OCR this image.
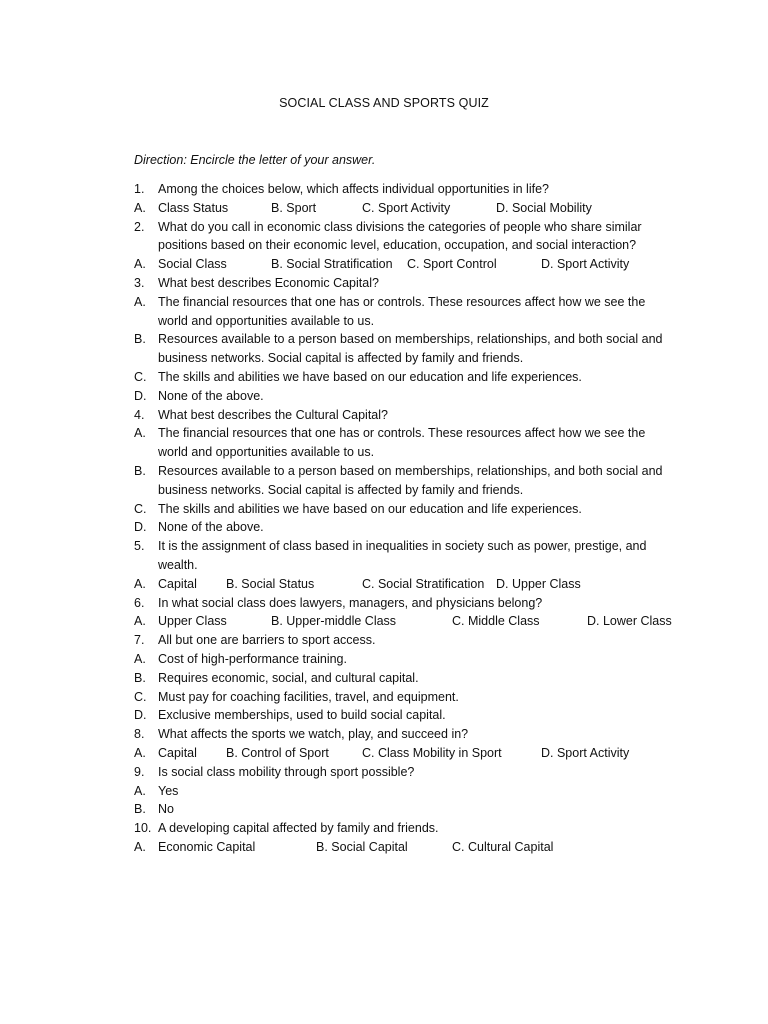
SOCIAL CLASS AND SPORTS QUIZ
Direction: Encircle the letter of your answer.
1. Among the choices below, which affects individual opportunities in life?
A. Class Status	B. Sport	C. Sport Activity	D. Social Mobility
2. What do you call in economic class divisions the categories of people who share similar
positions based on their economic level, education, occupation, and social interaction?
A. Social Class	B. Social Stratification C. Sport Control	D. Sport Activity
3. What best describes Economic Capital?
A. The financial resources that one has or controls. These resources affect how we see the
world and opportunities available to us.
B. Resources available to a person based on memberships, relationships, and both social and
business networks. Social capital is affected by family and friends.
C. The skills and abilities we have based on our education and life experiences.
D. None of the above.
4. What best describes the Cultural Capital?
A. The financial resources that one has or controls. These resources affect how we see the
world and opportunities available to us.
B. Resources available to a person based on memberships, relationships, and both social and
business networks. Social capital is affected by family and friends.
C. The skills and abilities we have based on our education and life experiences.
D. None of the above.
5. It is the assignment of class based in inequalities in society such as power, prestige, and
wealth.
A. Capital B. Social Status	C. Social Stratification D. Upper Class
6. In what social class does lawyers, managers, and physicians belong?
A. Upper Class	B. Upper-middle Class	C. Middle Class	D. Lower Class
7. All but one are barriers to sport access.
A. Cost of high-performance training.
B. Requires economic, social, and cultural capital.
C. Must pay for coaching facilities, travel, and equipment.
D. Exclusive memberships, used to build social capital.
8. What affects the sports we watch, play, and succeed in?
A. Capital B. Control of Sport	C. Class Mobility in Sport	D. Sport Activity
9. Is social class mobility through sport possible?
A. Yes
B. No
10. A developing capital affected by family and friends.
A. Economic Capital	B. Social Capital	C. Cultural Capital
